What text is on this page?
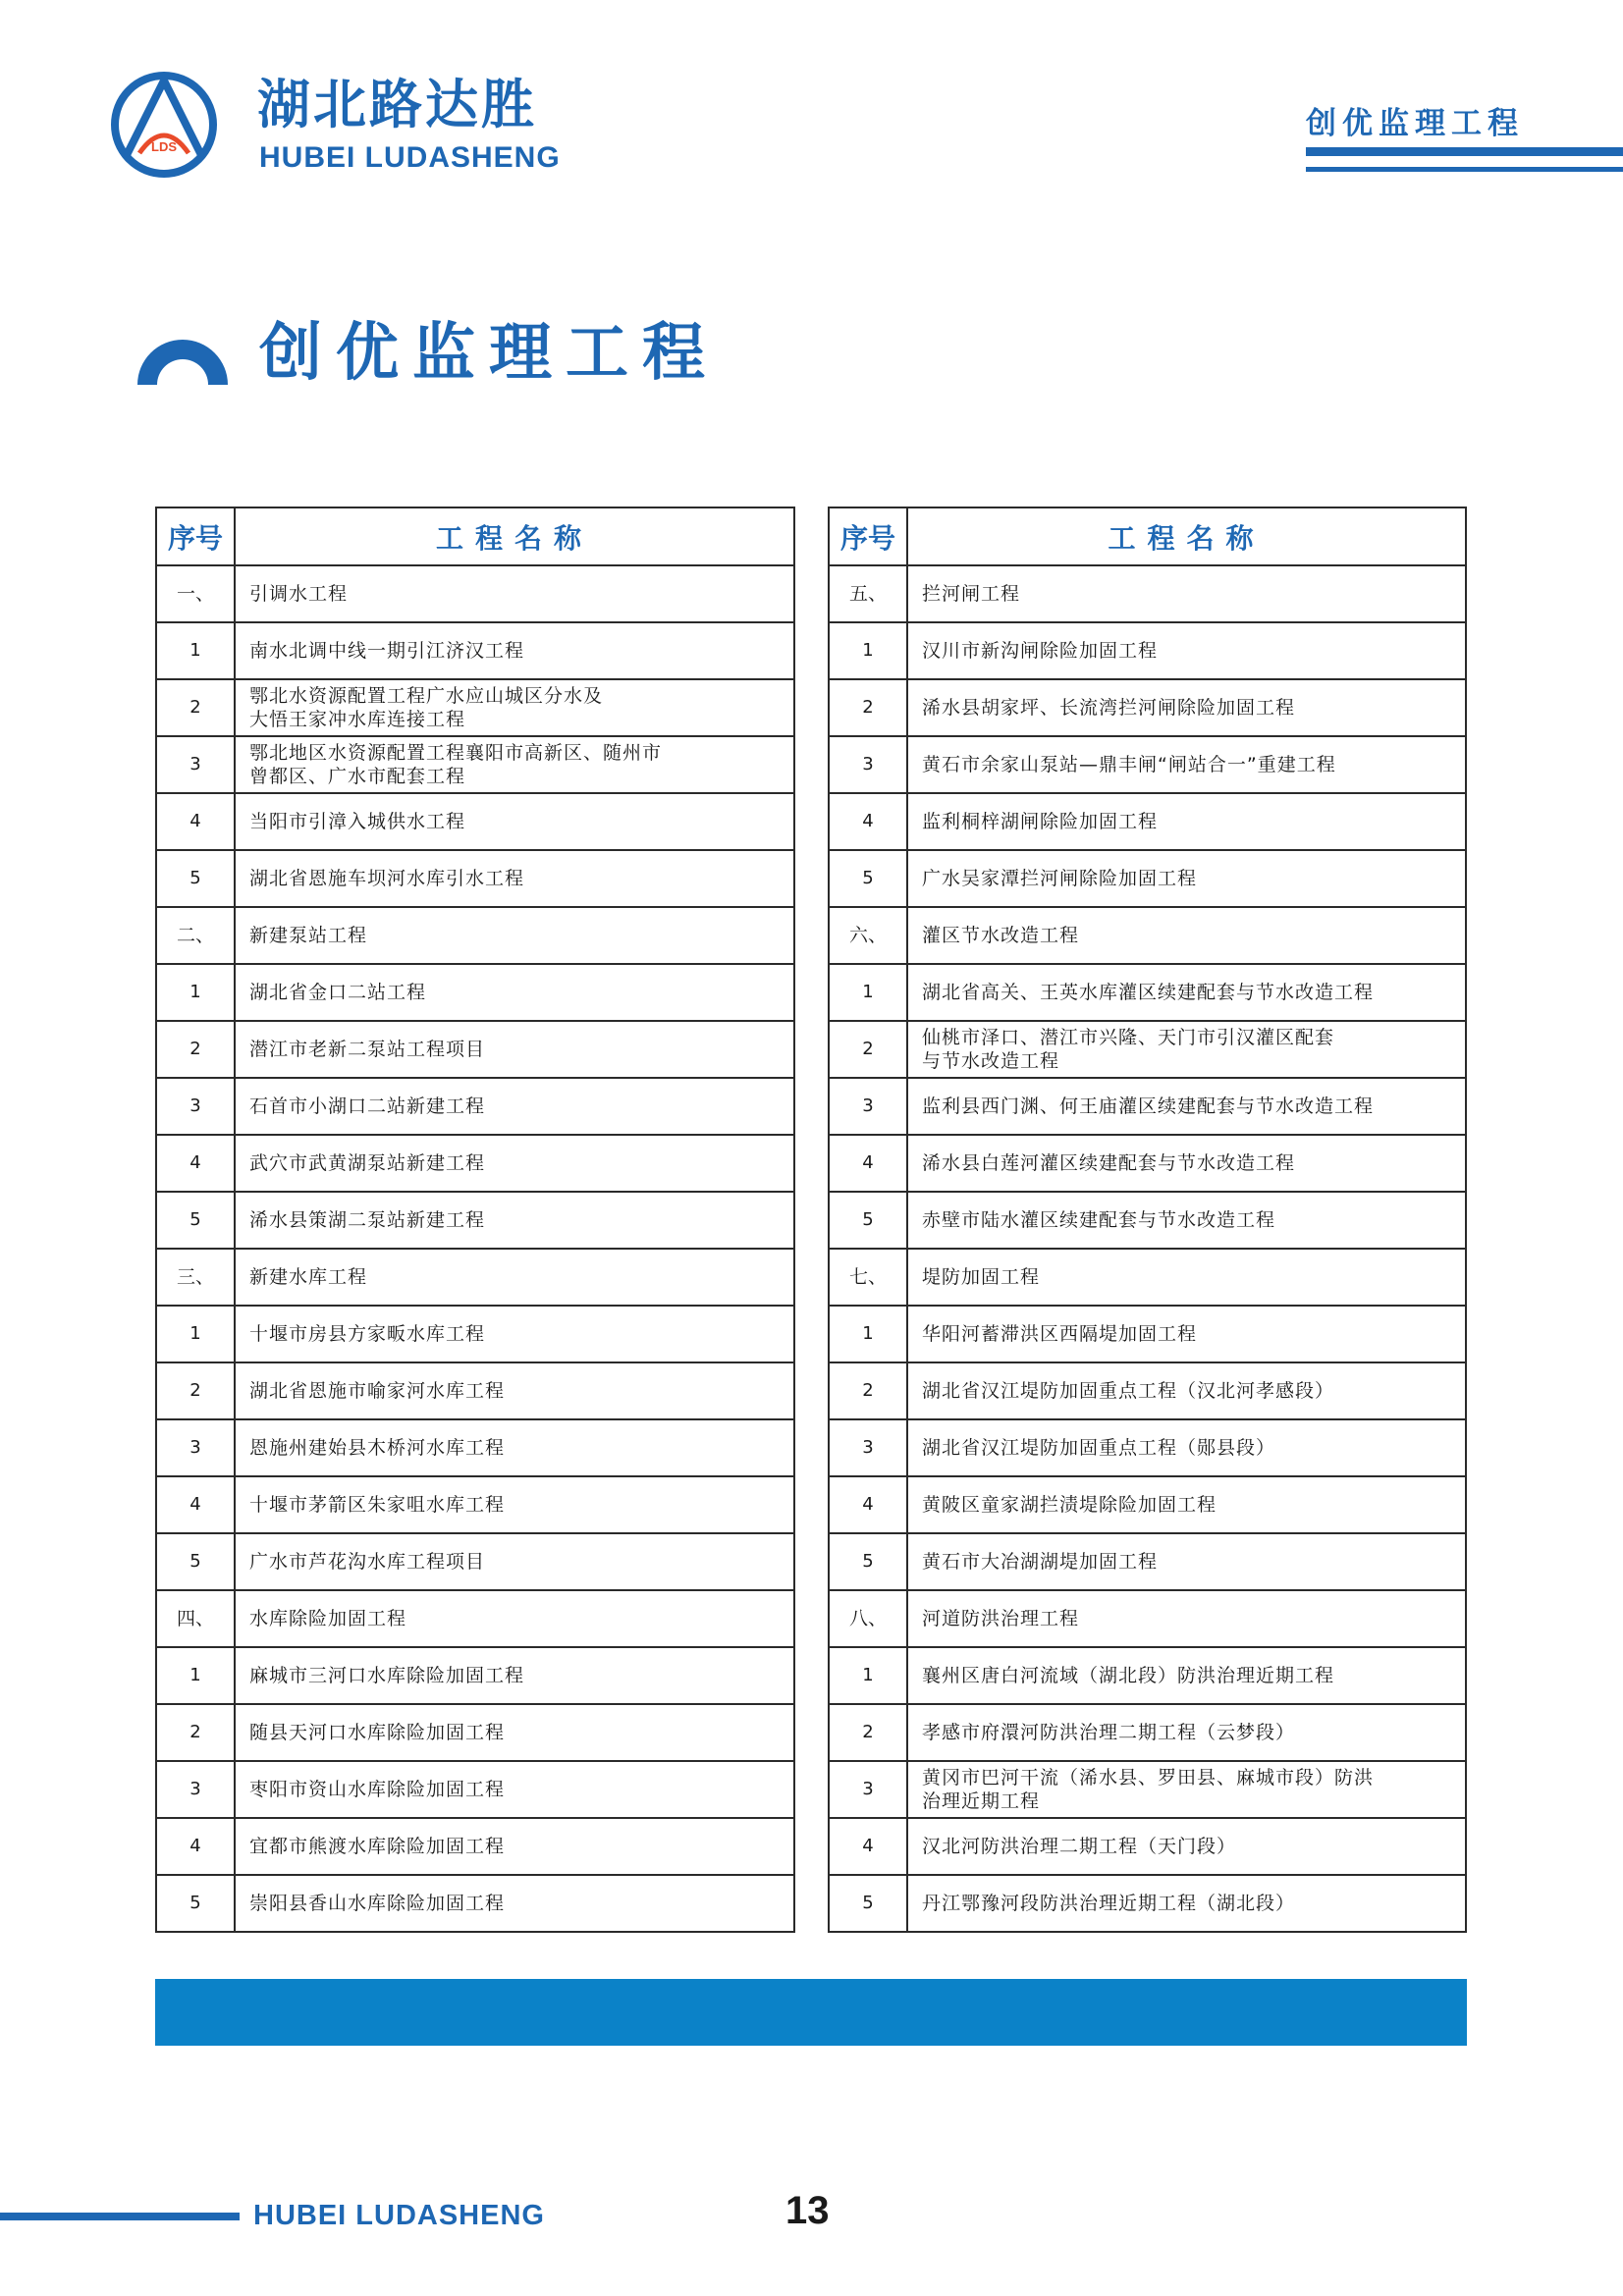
LDS
湖北路达胜
HUBEI LUDASHENG
创优监理工程
创优监理工程
序号	工程名称
一、	引调水工程

1	南水北调中线一期引江济汉工程

2	鄂北水资源配置工程广水应山城区分水及
大悟王家冲水库连接工程

3	鄂北地区水资源配置工程襄阳市高新区、随州市
曾都区、广水市配套工程

4	当阳市引漳入城供水工程

5	湖北省恩施车坝河水库引水工程

二、	新建泵站工程

1	湖北省金口二站工程

2	潜江市老新二泵站工程项目

3	石首市小湖口二站新建工程

4	武穴市武黄湖泵站新建工程

5	浠水县策湖二泵站新建工程

三、	新建水库工程

1	十堰市房县方家畈水库工程

2	湖北省恩施市喻家河水库工程

3	恩施州建始县木桥河水库工程

4	十堰市茅箭区朱家咀水库工程

5	广水市芦花沟水库工程项目

四、	水库除险加固工程

1	麻城市三河口水库除险加固工程

2	随县天河口水库除险加固工程

3	枣阳市资山水库除险加固工程

4	宜都市熊渡水库除险加固工程

5	崇阳县香山水库除险加固工程
序号	工程名称
五、	拦河闸工程

1	汉川市新沟闸除险加固工程

2	浠水县胡家坪、长流湾拦河闸除险加固工程

3	黄石市余家山泵站—鼎丰闸“闸站合一”重建工程

4	监利桐梓湖闸除险加固工程

5	广水吴家潭拦河闸除险加固工程

六、	灌区节水改造工程

1	湖北省高关、王英水库灌区续建配套与节水改造工程

2	仙桃市泽口、潜江市兴隆、天门市引汉灌区配套
与节水改造工程

3	监利县西门渊、何王庙灌区续建配套与节水改造工程

4	浠水县白莲河灌区续建配套与节水改造工程

5	赤壁市陆水灌区续建配套与节水改造工程

七、	堤防加固工程

1	华阳河蓄滞洪区西隔堤加固工程

2	湖北省汉江堤防加固重点工程（汉北河孝感段）

3	湖北省汉江堤防加固重点工程（郧县段）

4	黄陂区童家湖拦渍堤除险加固工程

5	黄石市大冶湖湖堤加固工程

八、	河道防洪治理工程

1	襄州区唐白河流域（湖北段）防洪治理近期工程

2	孝感市府澴河防洪治理二期工程（云梦段）

3	黄冈市巴河干流（浠水县、罗田县、麻城市段）防洪
治理近期工程

4	汉北河防洪治理二期工程（天门段）

5	丹江鄂豫河段防洪治理近期工程（湖北段）
HUBEI LUDASHENG	13
